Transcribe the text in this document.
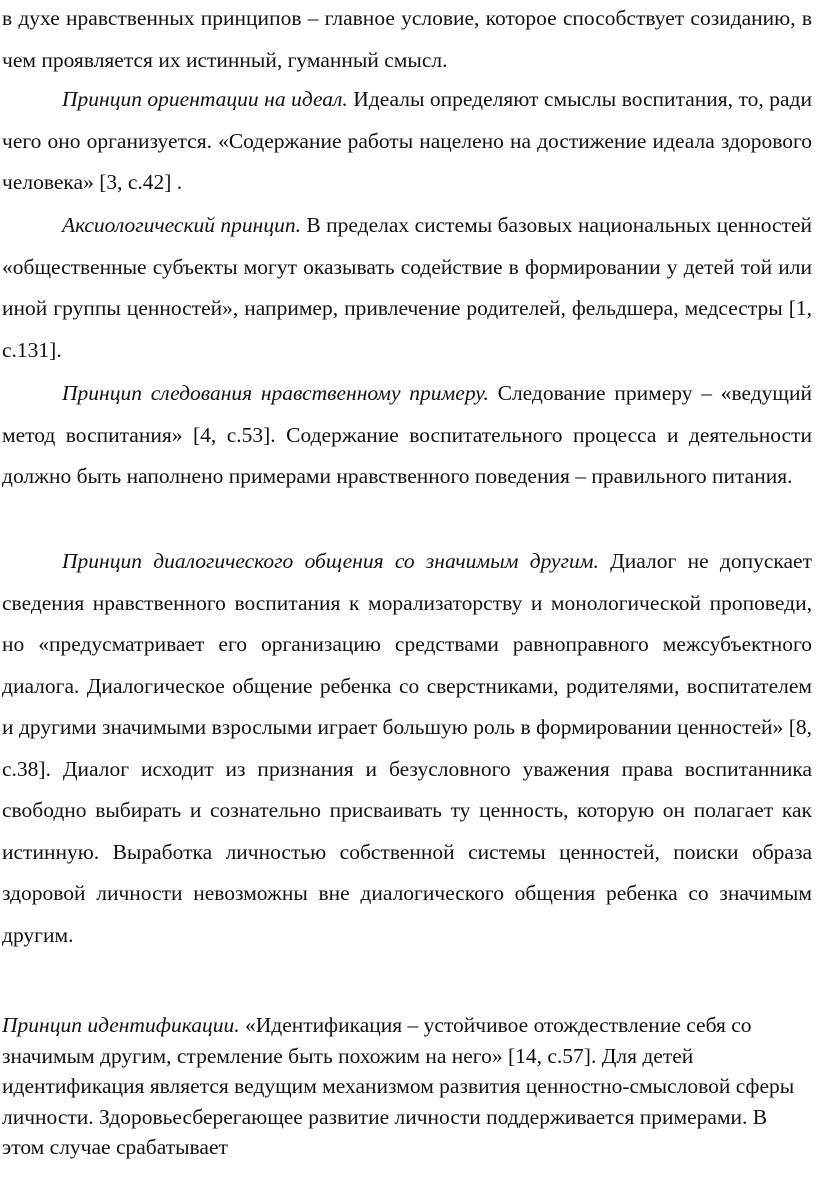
в духе нравственных принципов – главное условие, которое способствует созиданию, в чем проявляется их истинный, гуманный смысл.

Принцип ориентации на идеал. Идеалы определяют смыслы воспитания, то, ради чего оно организуется. «Содержание работы нацелено на достижение идеала здорового человека» [3, с.42] .

Аксиологический принцип. В пределах системы базовых национальных ценностей «общественные субъекты могут оказывать содействие в формировании у детей той или иной группы ценностей», например, привлечение родителей, фельдшера, медсестры [1, с.131].

Принцип следования нравственному примеру. Следование примеру – «ведущий метод воспитания» [4, с.53]. Содержание воспитательного процесса и деятельности должно быть наполнено примерами нравственного поведения – правильного питания.

Принцип диалогического общения со значимым другим. Диалог не допускает сведения нравственного воспитания к морализаторству и монологической проповеди, но «предусматривает его организацию средствами равноправного межсубъектного диалога. Диалогическое общение ребенка со сверстниками, родителями, воспитателем и другими значимыми взрослыми играет большую роль в формировании ценностей» [8, с.38]. Диалог исходит из признания и безусловного уважения права воспитанника свободно выбирать и сознательно присваивать ту ценность, которую он полагает как истинную. Выработка личностью собственной системы ценностей, поиски образа здоровой личности невозможны вне диалогического общения ребенка со значимым другим.

Принцип идентификации. «Идентификация – устойчивое отождествление себя со значимым другим, стремление быть похожим на него» [14, с.57]. Для детей идентификация является ведущим механизмом развития ценностно-смысловой сферы личности. Здоровьесберегающее развитие личности поддерживается примерами. В этом случае срабатывает
